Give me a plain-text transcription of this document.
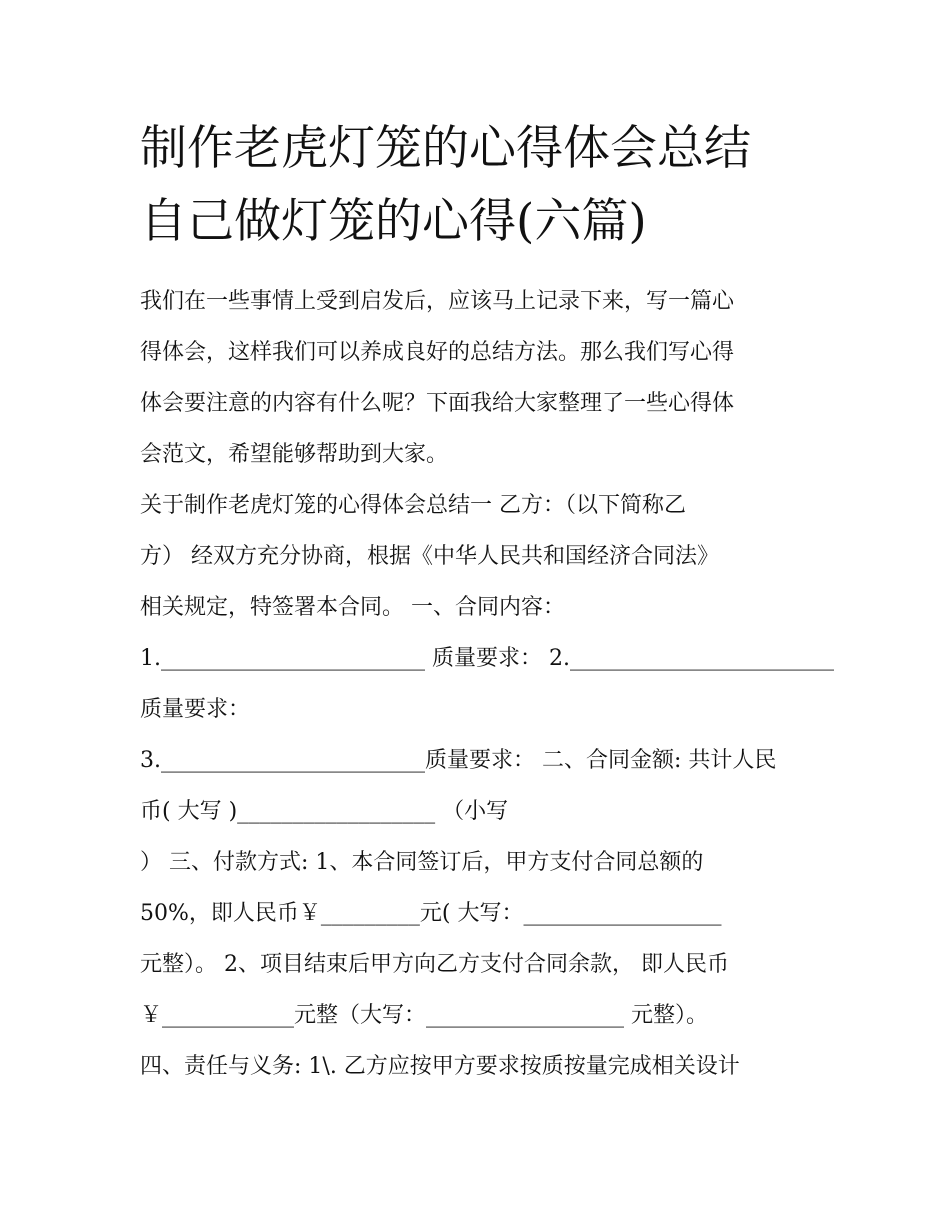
制作老虎灯笼的心得体会总结
自己做灯笼的心得(六篇)
我们在一些事情上受到启发后，应该马上记录下来，写一篇心
得体会，这样我们可以养成良好的总结方法。那么我们写心得
体会要注意的内容有什么呢？下面我给大家整理了一些心得体
会范文，希望能够帮助到大家。
关于制作老虎灯笼的心得体会总结一 乙方：（以下简称乙
方） 经双方充分协商，根据《中华人民共和国经济合同法》
相关规定，特签署本合同。 一、合同内容：
1.________________________ 质量要求： 2.________________________
质量要求：
3.________________________质量要求： 二、合同金额: 共计人民
币( 大写 )__________________ （小写
） 三、付款方式: 1、本合同签订后，甲方支付合同总额的
50%，即人民币￥_________元( 大写：__________________
元整）。 2、项目结束后甲方向乙方支付合同余款， 即人民币
￥____________元整（大写：__________________ 元整）。
四、责任与义务: 1\. 乙方应按甲方要求按质按量完成相关设计
